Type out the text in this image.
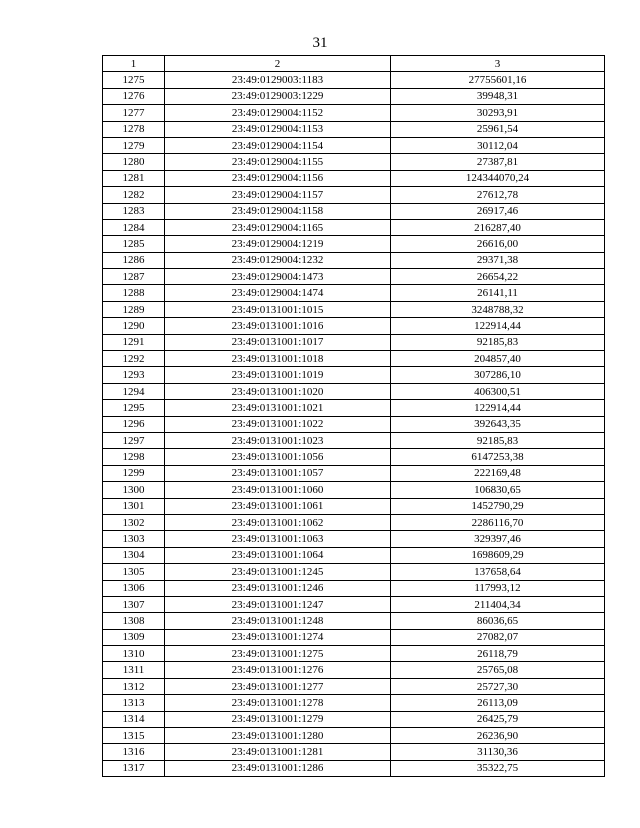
31
1	2	3
1275	23:49:0129003:1183	27755601,16
1276	23:49:0129003:1229	39948,31
1277	23:49:0129004:1152	30293,91
1278	23:49:0129004:1153	25961,54
1279	23:49:0129004:1154	30112,04
1280	23:49:0129004:1155	27387,81
1281	23:49:0129004:1156	124344070,24
1282	23:49:0129004:1157	27612,78
1283	23:49:0129004:1158	26917,46
1284	23:49:0129004:1165	216287,40
1285	23:49:0129004:1219	26616,00
1286	23:49:0129004:1232	29371,38
1287	23:49:0129004:1473	26654,22
1288	23:49:0129004:1474	26141,11
1289	23:49:0131001:1015	3248788,32
1290	23:49:0131001:1016	122914,44
1291	23:49:0131001:1017	92185,83
1292	23:49:0131001:1018	204857,40
1293	23:49:0131001:1019	307286,10
1294	23:49:0131001:1020	406300,51
1295	23:49:0131001:1021	122914,44
1296	23:49:0131001:1022	392643,35
1297	23:49:0131001:1023	92185,83
1298	23:49:0131001:1056	6147253,38
1299	23:49:0131001:1057	222169,48
1300	23:49:0131001:1060	106830,65
1301	23:49:0131001:1061	1452790,29
1302	23:49:0131001:1062	2286116,70
1303	23:49:0131001:1063	329397,46
1304	23:49:0131001:1064	1698609,29
1305	23:49:0131001:1245	137658,64
1306	23:49:0131001:1246	117993,12
1307	23:49:0131001:1247	211404,34
1308	23:49:0131001:1248	86036,65
1309	23:49:0131001:1274	27082,07
1310	23:49:0131001:1275	26118,79
1311	23:49:0131001:1276	25765,08
1312	23:49:0131001:1277	25727,30
1313	23:49:0131001:1278	26113,09
1314	23:49:0131001:1279	26425,79
1315	23:49:0131001:1280	26236,90
1316	23:49:0131001:1281	31130,36
1317	23:49:0131001:1286	35322,75
